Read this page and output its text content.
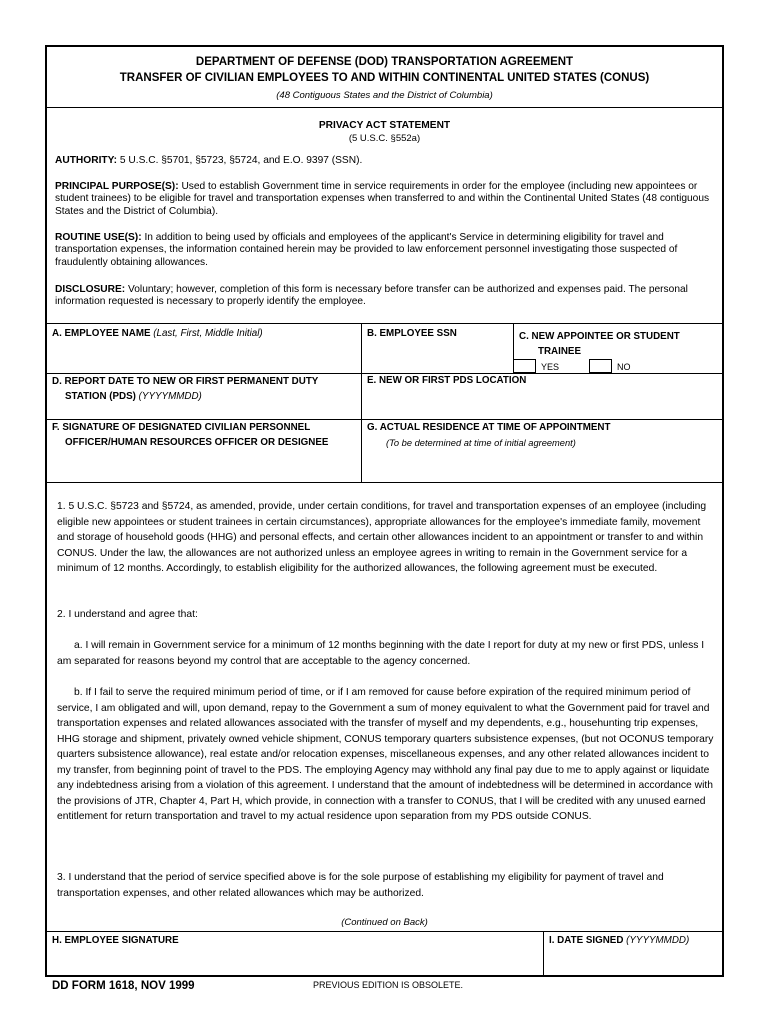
DEPARTMENT OF DEFENSE (DOD) TRANSPORTATION AGREEMENT
TRANSFER OF CIVILIAN EMPLOYEES TO AND WITHIN CONTINENTAL UNITED STATES (CONUS)
(48 Contiguous States and the District of Columbia)
PRIVACY ACT STATEMENT
(5 U.S.C. §552a)

AUTHORITY: 5 U.S.C. §5701, §5723, §5724, and E.O. 9397 (SSN).

PRINCIPAL PURPOSE(S): Used to establish Government time in service requirements in order for the employee (including new appointees or student trainees) to be eligible for travel and transportation expenses when transferred to and within the Continental United States (48 contiguous States and the District of Columbia).

ROUTINE USE(S): In addition to being used by officials and employees of the applicant's Service in determining eligibility for travel and transportation expenses, the information contained herein may be provided to law enforcement personnel investigating those suspected of fraudulently obtaining allowances.

DISCLOSURE: Voluntary; however, completion of this form is necessary before transfer can be authorized and expenses paid. The personal information requested is necessary to properly identify the employee.

A. EMPLOYEE NAME (Last, First, Middle Initial)	B. EMPLOYEE SSN	C. NEW APPOINTEE OR STUDENT
TRAINEE
YES	NO
D. REPORT DATE TO NEW OR FIRST PERMANENT DUTY
STATION (PDS) (YYYYMMDD)
E. NEW OR FIRST PDS LOCATION
F. SIGNATURE OF DESIGNATED CIVILIAN PERSONNEL
OFFICER/HUMAN RESOURCES OFFICER OR DESIGNEE
G. ACTUAL RESIDENCE AT TIME OF APPOINTMENT
(To be determined at time of initial agreement)

1. 5 U.S.C. §5723 and §5724, as amended, provide, under certain conditions, for travel and transportation expenses of an employee (including eligible new appointees or student trainees in certain circumstances), appropriate allowances for the employee's immediate family, movement and storage of household goods (HHG) and personal effects, and certain other allowances incident to an appointment or transfer to and within CONUS. Under the law, the allowances are not authorized unless an employee agrees in writing to remain in the Government service for a minimum of 12 months. Accordingly, to establish eligibility for the authorized allowances, the following agreement must be executed.

2. I understand and agree that:

a. I will remain in Government service for a minimum of 12 months beginning with the date I report for duty at my new or first PDS, unless I am separated for reasons beyond my control that are acceptable to the agency concerned.

b. If I fail to serve the required minimum period of time, or if I am removed for cause before expiration of the required minimum period of service, I am obligated and will, upon demand, repay to the Government a sum of money equivalent to what the Government paid for travel and transportation expenses and related allowances associated with the transfer of myself and my dependents, e.g., househunting trip expenses, HHG storage and shipment, privately owned vehicle shipment, CONUS temporary quarters subsistence expenses, (but not OCONUS temporary quarters subsistence allowance), real estate and/or relocation expenses, miscellaneous expenses, and any other related allowances incident to my transfer, from beginning point of travel to the PDS. The employing Agency may withhold any final pay due to me to apply against or liquidate any indebtedness arising from a violation of this agreement. I understand that the amount of indebtedness will be determined in accordance with the provisions of JTR, Chapter 4, Part H, which provide, in connection with a transfer to CONUS, that I will be credited with any unused earned entitlement for return transportation and travel to my actual residence upon separation from my PDS outside CONUS.

3. I understand that the period of service specified above is for the sole purpose of establishing my eligibility for payment of travel and transportation expenses, and other related allowances which may be authorized.

(Continued on Back)
H. EMPLOYEE SIGNATURE	I. DATE SIGNED (YYYYMMDD)
DD FORM 1618, NOV 1999	PREVIOUS EDITION IS OBSOLETE.
